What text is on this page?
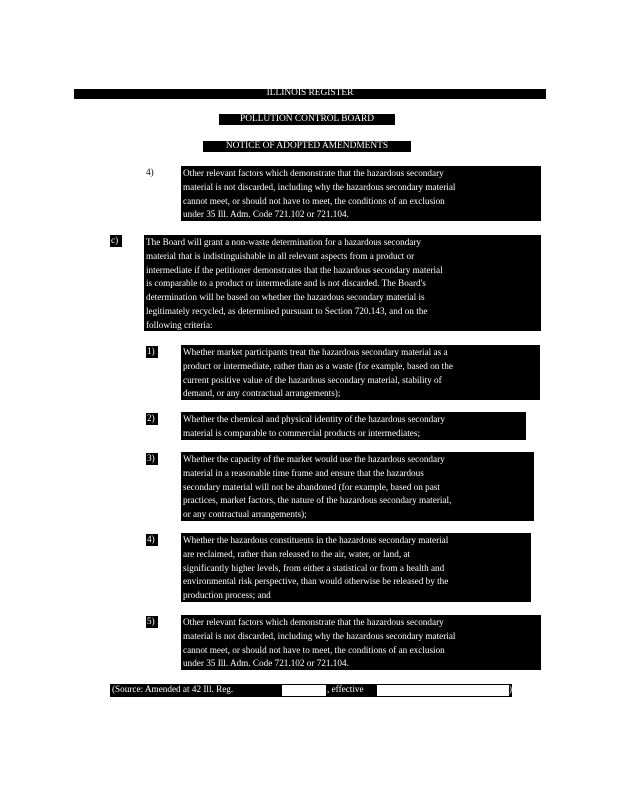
ILLINOIS REGISTER
POLLUTION CONTROL BOARD
NOTICE OF ADOPTED AMENDMENTS
4)	Other relevant factors which demonstrate that the hazardous secondary
material is not discarded, including why the hazardous secondary material
cannot meet, or should not have to meet, the conditions of an exclusion
under 35 Ill. Adm. Code 721.102 or 721.104.
c)	The Board will grant a non-waste determination for a hazardous secondary
material that is indistinguishable in all relevant aspects from a product or
intermediate if the petitioner demonstrates that the hazardous secondary material
is comparable to a product or intermediate and is not discarded. The Board's
determination will be based on whether the hazardous secondary material is
legitimately recycled, as determined pursuant to Section 720.143, and on the
following criteria:
1)	Whether market participants treat the hazardous secondary material as a
product or intermediate, rather than as a waste (for example, based on the
current positive value of the hazardous secondary material, stability of
demand, or any contractual arrangements);
2)	Whether the chemical and physical identity of the hazardous secondary
material is comparable to commercial products or intermediates;
3)	Whether the capacity of the market would use the hazardous secondary
material in a reasonable time frame and ensure that the hazardous
secondary material will not be abandoned (for example, based on past
practices, market factors, the nature of the hazardous secondary material,
or any contractual arrangements);
4)	Whether the hazardous constituents in the hazardous secondary material
are reclaimed, rather than released to the air, water, or land, at
significantly higher levels, from either a statistical or from a health and
environmental risk perspective, than would otherwise be released by the
production process; and
5)	Other relevant factors which demonstrate that the hazardous secondary
material is not discarded, including why the hazardous secondary material
cannot meet, or should not have to meet, the conditions of an exclusion
under 35 Ill. Adm. Code 721.102 or 721.104.
(Source: Amended at 42 Ill. Reg.	, effective	)
